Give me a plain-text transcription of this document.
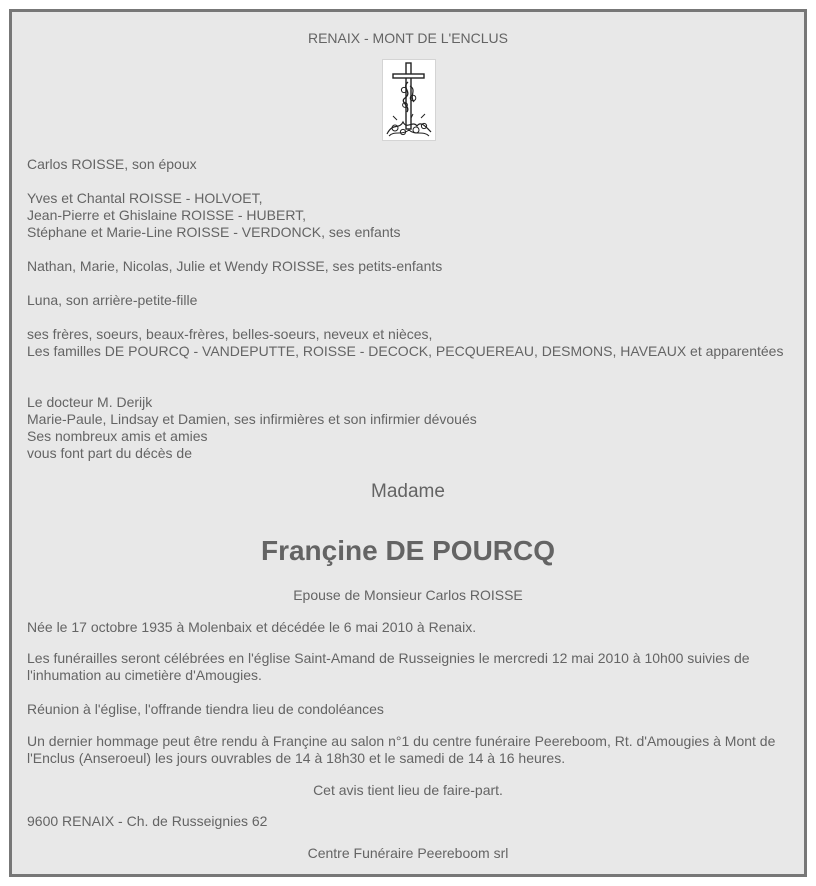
RENAIX - MONT DE L'ENCLUS
Carlos ROISSE, son époux
Yves et Chantal ROISSE - HOLVOET,
Jean-Pierre et Ghislaine ROISSE - HUBERT,
Stéphane et Marie-Line ROISSE - VERDONCK, ses enfants
Nathan, Marie, Nicolas, Julie et Wendy ROISSE, ses petits-enfants
Luna, son arrière-petite-fille
ses frères, soeurs, beaux-frères, belles-soeurs, neveux et nièces,
Les familles DE POURCQ - VANDEPUTTE, ROISSE - DECOCK, PECQUEREAU, DESMONS, HAVEAUX et apparentées
Le docteur M. Derijk
Marie-Paule, Lindsay et Damien, ses infirmières et son infirmier dévoués
Ses nombreux amis et amies
vous font part du décès de
Madame
Françine DE POURCQ
Epouse de Monsieur Carlos ROISSE
Née le 17 octobre 1935 à Molenbaix et décédée le 6 mai 2010 à Renaix.
Les funérailles seront célébrées en l'église Saint-Amand de Russeignies le mercredi 12 mai 2010 à 10h00 suivies de l'inhumation au cimetière d'Amougies.
Réunion à l'église, l'offrande tiendra lieu de condoléances
Un dernier hommage peut être rendu à Françine au salon n°1 du centre funéraire Peereboom, Rt. d'Amougies à Mont de l'Enclus (Anseroeul) les jours ouvrables de 14 à 18h30 et le samedi de 14 à 16 heures.
Cet avis tient lieu de faire-part.
9600 RENAIX - Ch. de Russeignies 62
Centre Funéraire Peereboom srl
